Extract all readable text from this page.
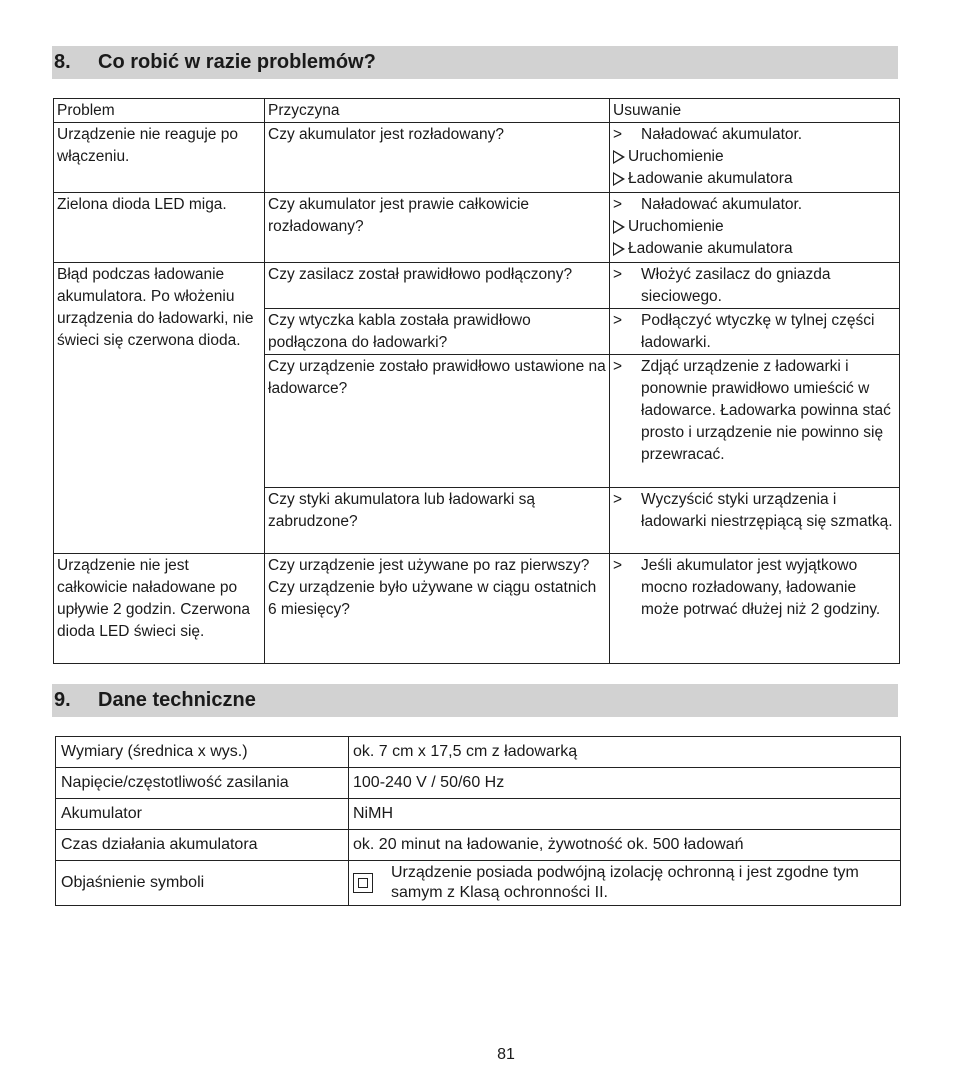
8. Co robić w razie problemów?
Problem	Przyczyna	Usuwanie
Urządzenie nie reaguje po włączeniu.	Czy akumulator jest rozładowany?	> Naładować akumulator.
Uruchomienie
Ładowanie akumulatora

Zielona dioda LED miga.	Czy akumulator jest prawie całkowicie rozładowany?	> Naładować akumulator.
Uruchomienie
Ładowanie akumulatora

Błąd podczas ładowanie akumulatora. Po włożeniu urządzenia do ładowarki, nie świeci się czerwona dioda.	Czy zasilacz został prawidłowo podłączony?	> Włożyć zasilacz do gniazda sieciowego.

	Czy wtyczka kabla została prawidłowo podłączona do ładowarki?	> Podłączyć wtyczkę w tylnej części ładowarki.

	Czy urządzenie zostało prawidłowo ustawione na ładowarce?	> Zdjąć urządzenie z ładowarki i ponownie prawidłowo umieścić w ładowarce. Ładowarka powinna stać prosto i urządzenie nie powinno się przewracać.

	Czy styki akumulatora lub ładowarki są zabrudzone?	> Wyczyścić styki urządzenia i ładowarki niestrzępiącą się szmatką.

Urządzenie nie jest całkowicie naładowane po upływie 2 godzin. Czerwona dioda LED świeci się.	Czy urządzenie jest używane po raz pierwszy? Czy urządzenie było używane w ciągu ostatnich 6 miesięcy?	> Jeśli akumulator jest wyjątkowo mocno rozładowany, ładowanie może potrwać dłużej niż 2 godziny.
9. Dane techniczne
Wymiary (średnica x wys.)	ok. 7 cm x 17,5 cm z ładowarką
Napięcie/częstotliwość zasilania	100-240 V / 50/60 Hz
Akumulator	NiMH
Czas działania akumulatora	ok. 20 minut na ładowanie, żywotność ok. 500 ładowań
Objaśnienie symboli	Urządzenie posiada podwójną izolację ochronną i jest zgodne tym samym z Klasą ochronności II.
81
